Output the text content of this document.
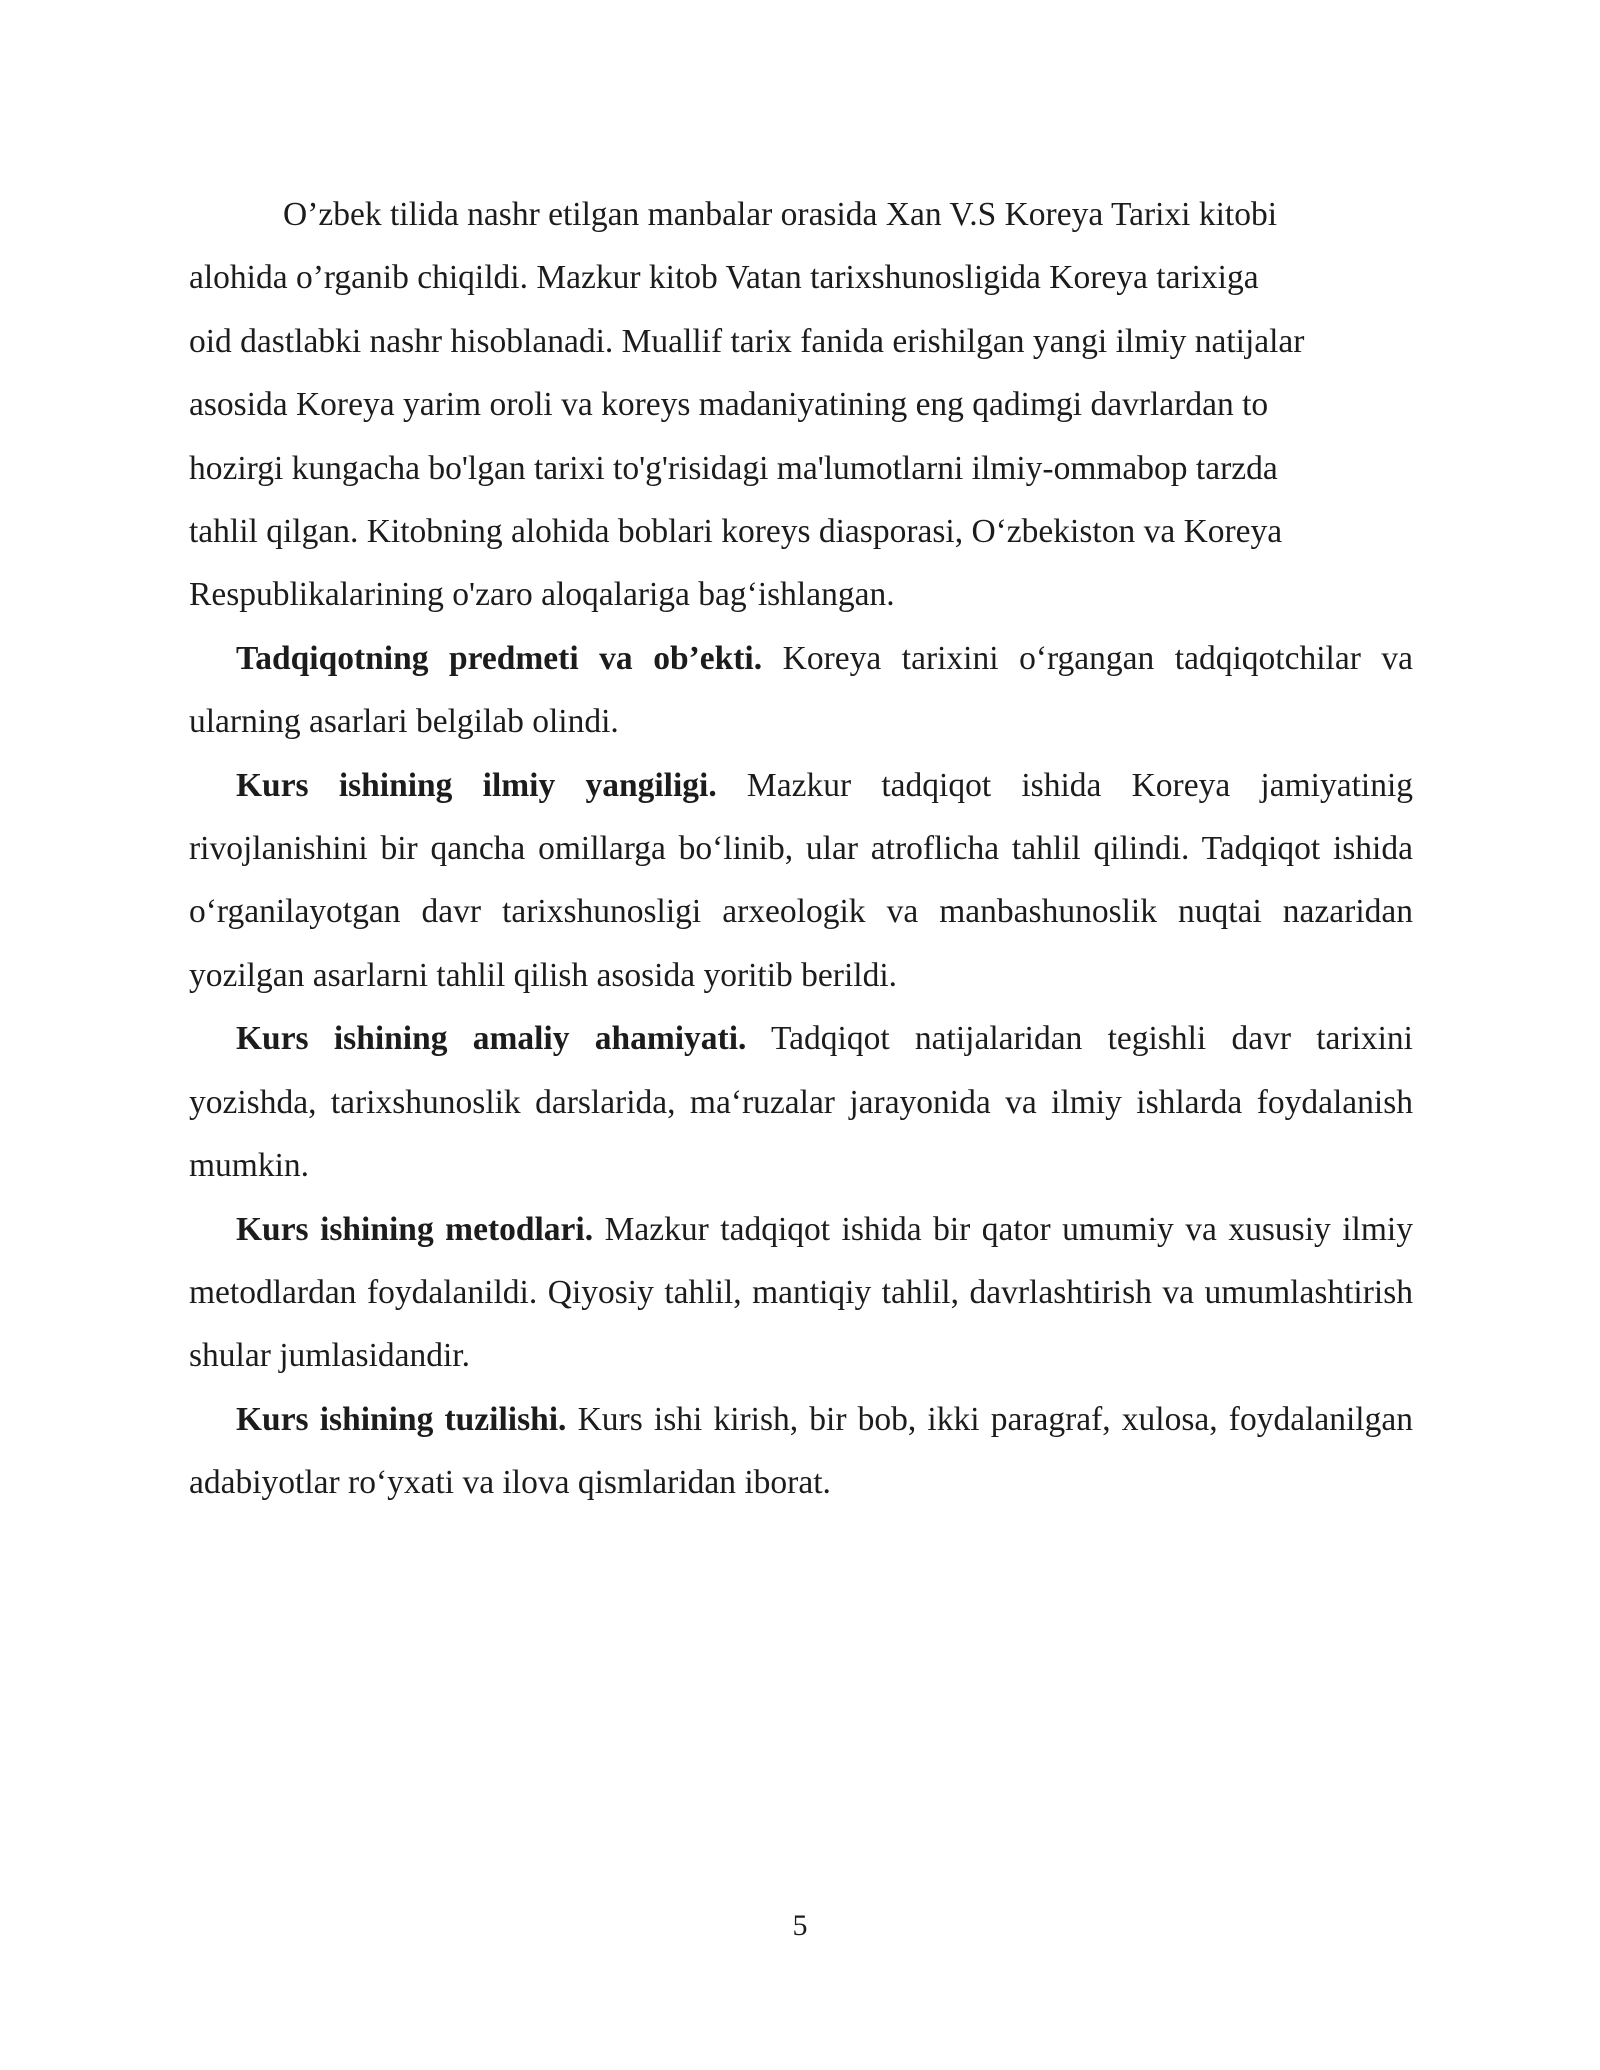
O’zbek tilida nashr etilgan manbalar orasida Xan V.S Koreya Tarixi kitobi
alohida o’rganib chiqildi. Mazkur kitob Vatan tarixshunosligida Koreya tarixiga
oid dastlabki nashr hisoblanadi. Muallif tarix fanida erishilgan yangi ilmiy natijalar
asosida Koreya yarim oroli va koreys madaniyatining eng qadimgi davrlardan to
hozirgi kungacha bo'lgan tarixi to'g'risidagi ma'lumotlarni ilmiy-ommabop tarzda
tahlil qilgan. Kitobning alohida boblari koreys diasporasi, O‘zbekiston va Koreya
Respublikalarining o'zaro aloqalariga bag‘ishlangan.

Tadqiqotning predmeti va ob’ekti. Koreya tarixini o‘rgangan tadqiqotchilar va ularning asarlari belgilab olindi.

Kurs ishining ilmiy yangiligi. Mazkur tadqiqot ishida Koreya jamiyatinig rivojlanishini bir qancha omillarga bo‘linib, ular atroflicha tahlil qilindi. Tadqiqot ishida o‘rganilayotgan davr tarixshunosligi arxeologik va manbashunoslik nuqtai nazaridan yozilgan asarlarni tahlil qilish asosida yoritib berildi.

Kurs ishining amaliy ahamiyati. Tadqiqot natijalaridan tegishli davr tarixini yozishda, tarixshunoslik darslarida, ma‘ruzalar jarayonida va ilmiy ishlarda foydalanish mumkin.

Kurs ishining metodlari. Mazkur tadqiqot ishida bir qator umumiy va xususiy ilmiy metodlardan foydalanildi. Qiyosiy tahlil, mantiqiy tahlil, davrlashtirish va umumlashtirish shular jumlasidandir.

Kurs ishining tuzilishi. Kurs ishi kirish, bir bob, ikki paragraf, xulosa, foydalanilgan adabiyotlar ro‘yxati va ilova qismlaridan iborat.

5
